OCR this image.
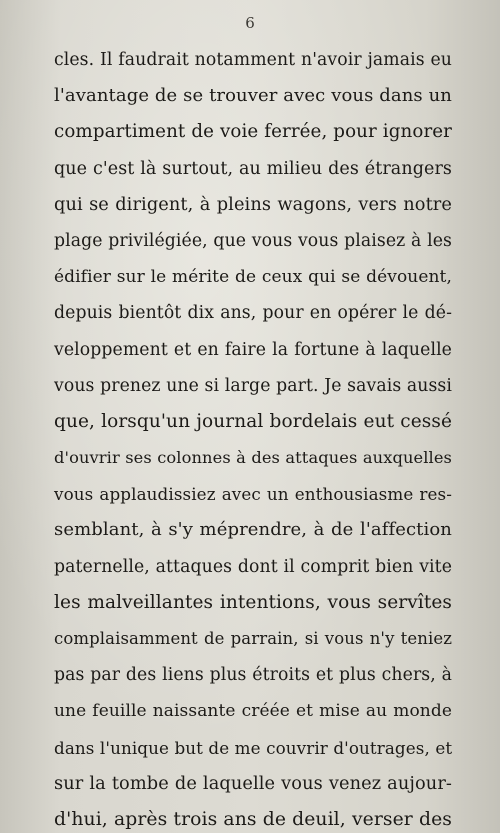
6
cles. Il faudrait notamment n'avoir jamais eu
l'avantage de se trouver avec vous dans un
compartiment de voie ferrée, pour ignorer
que c'est là surtout, au milieu des étrangers
qui se dirigent, à pleins wagons, vers notre
plage privilégiée, que vous vous plaisez à les
édifier sur le mérite de ceux qui se dévouent,
depuis bientôt dix ans, pour en opérer le dé-
veloppement et en faire la fortune à laquelle
vous prenez une si large part. Je savais aussi
que, lorsqu'un journal bordelais eut cessé
d'ouvrir ses colonnes à des attaques auxquelles
vous applaudissiez avec un enthousiasme res-
semblant, à s'y méprendre, à de l'affection
paternelle, attaques dont il comprit bien vite
les malveillantes intentions, vous servîtes
complaisamment de parrain, si vous n'y teniez
pas par des liens plus étroits et plus chers, à
une feuille naissante créée et mise au monde
dans l'unique but de me couvrir d'outrages, et
sur la tombe de laquelle vous venez aujour-
d'hui, après trois ans de deuil, verser des
